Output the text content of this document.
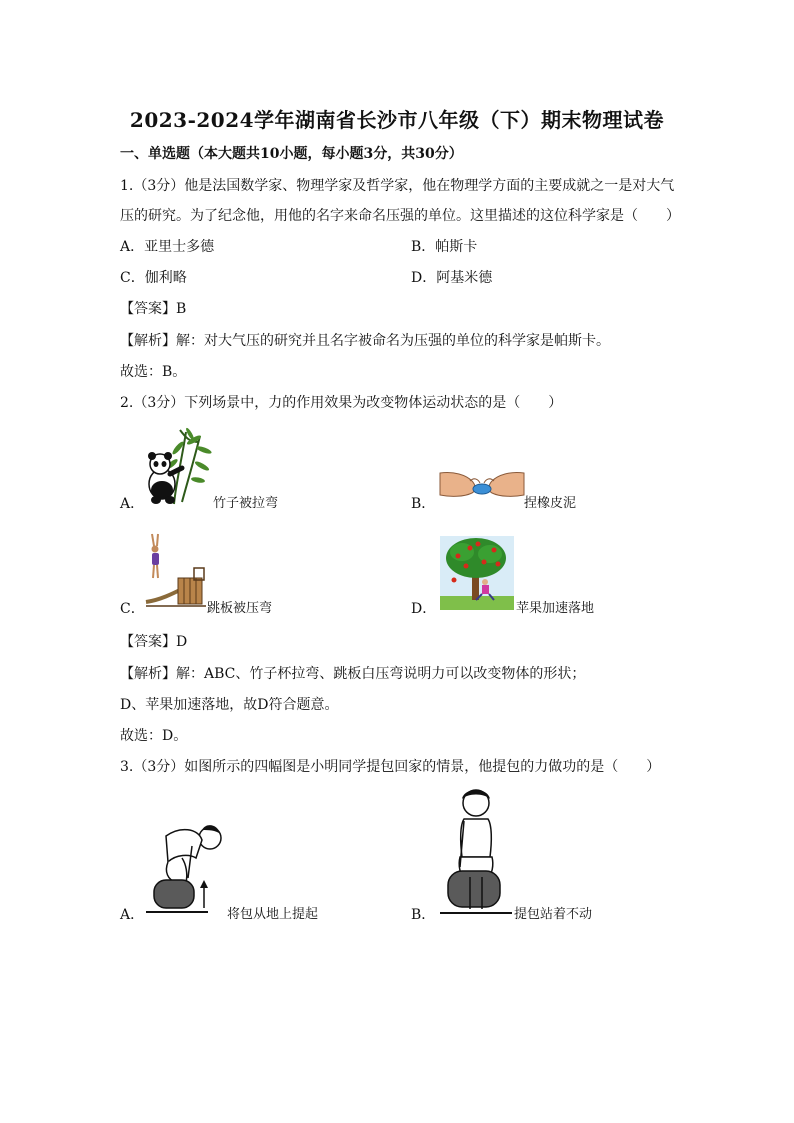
2023-2024学年湖南省长沙市八年级（下）期末物理试卷
一、单选题（本大题共10小题，每小题3分，共30分）
1.（3分）他是法国数学家、物理学家及哲学家，他在物理学方面的主要成就之一是对大气
压的研究。为了纪念他，用他的名字来命名压强的单位。这里描述的这位科学家是（　　）
A．亚里士多德	B．帕斯卡
C．伽利略	D．阿基米德
【答案】B
【解析】解：对大气压的研究并且名字被命名为压强的单位的科学家是帕斯卡。
故选：B。
2.（3分）下列场景中，力的作用效果为改变物体运动状态的是（　　）
A．	竹子被拉弯	B．	捏橡皮泥
C．	跳板被压弯	D．	苹果加速落地
【答案】D
【解析】解：ABC、竹子杯拉弯、跳板白压弯说明力可以改变物体的形状；
D、苹果加速落地，故D符合题意。
故选：D。
3.（3分）如图所示的四幅图是小明同学提包回家的情景，他提包的力做功的是（　　）
A．	将包从地上提起	B．	提包站着不动
